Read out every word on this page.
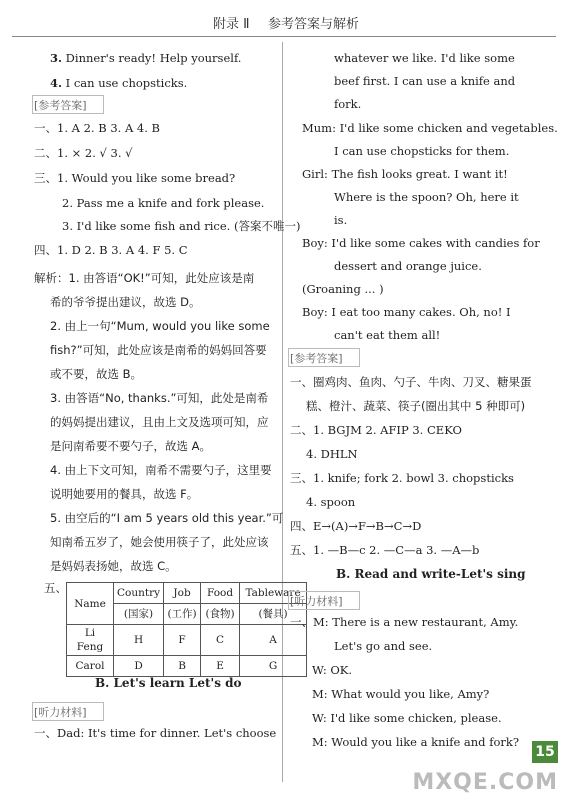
附录 Ⅱ 参考答案与解析
3. Dinner's ready! Help yourself.
4. I can use chopsticks.
[参考答案]
一、1. A 2. B 3. A 4. B
二、1. × 2. √ 3. √
三、1. Would you like some bread?
2. Pass me a knife and fork please.
3. I'd like some fish and rice. (答案不唯一)
四、1. D 2. B 3. A 4. F 5. C
解析：1. 由答语“OK!”可知，此处应该是南
希的爷爷提出建议，故选 D。
2. 由上一句“Mum, would you like some
fish?”可知，此处应该是南希的妈妈回答要
或不要，故选 B。
3. 由答语“No, thanks.”可知，此处是南希
的妈妈提出建议，且由上文及选项可知，应
是问南希要不要勺子，故选 A。
4. 由上下文可知，南希不需要勺子，这里要
说明她要用的餐具，故选 F。
5. 由空后的“I am 5 years old this year.”可
知南希五岁了，她会使用筷子了，此处应该
是妈妈表扬她，故选 C。
五、
Name	Country	Job	Food	Tableware
	(国家)	(工作)	(食物)	(餐具)
Li Feng	H	F	C	A
Carol	D	B	E	G
B. Let's learn Let's do
[听力材料]
一、Dad: It's time for dinner. Let's choose
whatever we like. I'd like some
beef first. I can use a knife and
fork.
Mum: I'd like some chicken and vegetables.
I can use chopsticks for them.
Girl: The fish looks great. I want it!
Where is the spoon? Oh, here it
is.
Boy: I'd like some cakes with candies for
dessert and orange juice.
(Groaning ... )
Boy: I eat too many cakes. Oh, no! I
can't eat them all!
[参考答案]
一、圈鸡肉、鱼肉、勺子、牛肉、刀叉、糖果蛋
糕、橙汁、蔬菜、筷子(圈出其中 5 种即可)
二、1. BGJM 2. AFIP 3. CEKO
4. DHLN
三、1. knife; fork 2. bowl 3. chopsticks
4. spoon
四、E→(A)→F→B→C→D
五、1. —B—c 2. —C—a 3. —A—b
B. Read and write-Let's sing
[听力材料]
一、M: There is a new restaurant, Amy.
Let's go and see.
W: OK.
M: What would you like, Amy?
W: I'd like some chicken, please.
M: Would you like a knife and fork?
15
MXQE.COM
